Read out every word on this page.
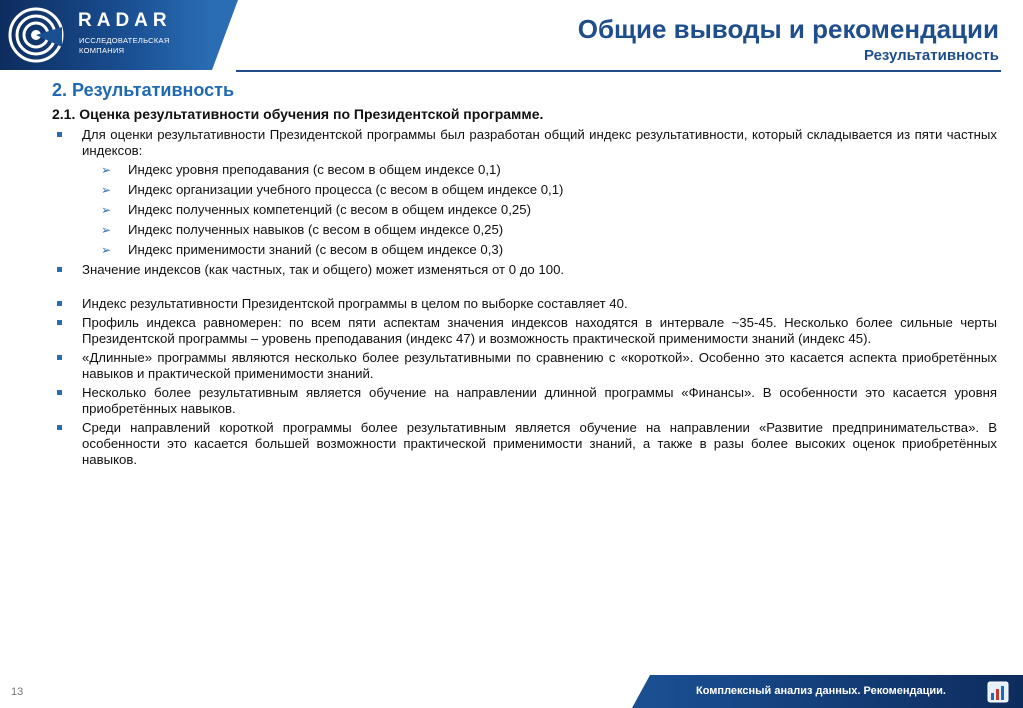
RADAR
ИССЛЕДОВАТЕЛЬСКАЯ
КОМПАНИЯ
Общие выводы и рекомендации
Результативность
2. Результативность
2.1. Оценка результативности обучения по Президентской программе.
Для оценки результативности Президентской программы был разработан общий индекс результативности, который складывается из пяти частных индексов:
➢ Индекс уровня преподавания (с весом в общем индексе 0,1)
➢ Индекс организации учебного процесса (с весом в общем индексе 0,1)
➢ Индекс полученных компетенций (с весом в общем индексе 0,25)
➢ Индекс полученных навыков (с весом в общем индексе 0,25)
➢ Индекс применимости знаний (с весом в общем индексе 0,3)
Значение индексов (как частных, так и общего) может изменяться от 0 до 100.
Индекс результативности Президентской программы в целом по выборке составляет 40.
Профиль индекса равномерен: по всем пяти аспектам значения индексов находятся в интервале ~35-45. Несколько более сильные черты Президентской программы – уровень преподавания (индекс 47) и возможность практической применимости знаний (индекс 45).
«Длинные» программы являются несколько более результативными по сравнению с «короткой». Особенно это касается аспекта приобретённых навыков и практической применимости знаний.
Несколько более результативным является обучение на направлении длинной программы «Финансы». В особенности это касается уровня приобретённых навыков.
Среди направлений короткой программы более результативным является обучение на направлении «Развитие предпринимательства». В особенности это касается большей возможности практической применимости знаний, а также в разы более высоких оценок приобретённых навыков.
13	Комплексный анализ данных. Рекомендации.
